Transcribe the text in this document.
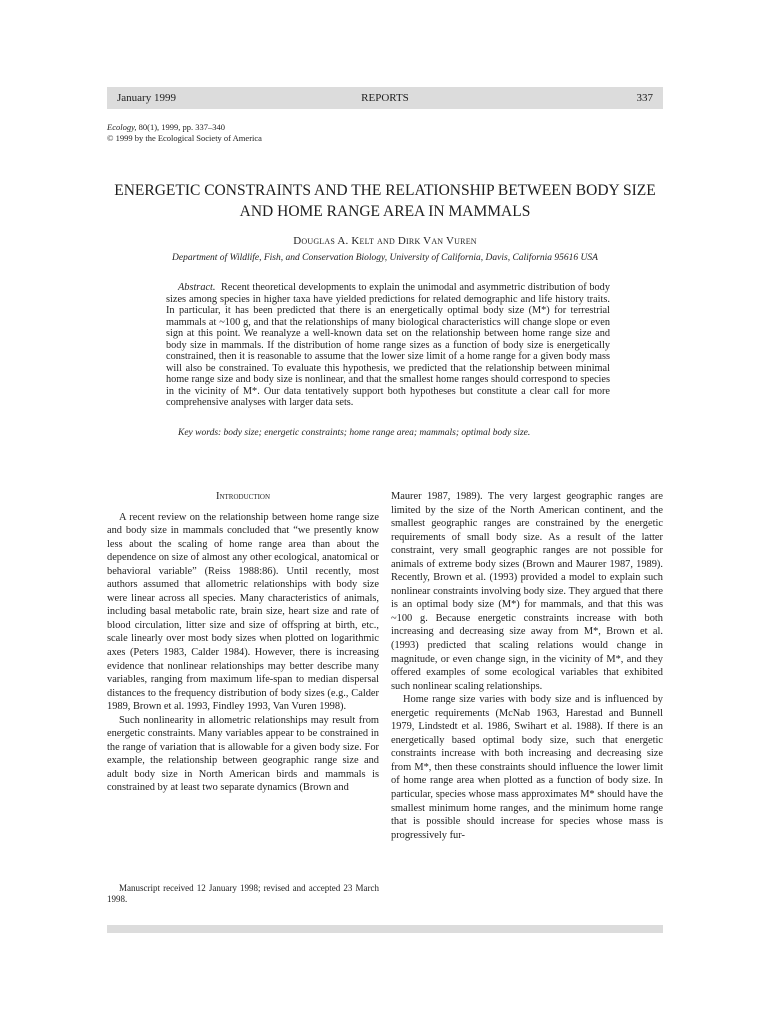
January 1999	REPORTS	337
Ecology, 80(1), 1999, pp. 337–340
© 1999 by the Ecological Society of America
ENERGETIC CONSTRAINTS AND THE RELATIONSHIP BETWEEN BODY SIZE AND HOME RANGE AREA IN MAMMALS
Douglas A. Kelt and Dirk Van Vuren
Department of Wildlife, Fish, and Conservation Biology, University of California, Davis, California 95616 USA

Abstract. Recent theoretical developments to explain the unimodal and asymmetric distribution of body sizes among species in higher taxa have yielded predictions for related demographic and life history traits. In particular, it has been predicted that there is an energetically optimal body size (M*) for terrestrial mammals at ~100 g, and that the relationships of many biological characteristics will change slope or even sign at this point. We reanalyze a well-known data set on the relationship between home range size and body size in mammals. If the distribution of home range sizes as a function of body size is energetically constrained, then it is reasonable to assume that the lower size limit of a home range for a given body mass will also be constrained. To evaluate this hypothesis, we predicted that the relationship between minimal home range size and body size is nonlinear, and that the smallest home ranges should correspond to species in the vicinity of M*. Our data tentatively support both hypotheses but constitute a clear call for more comprehensive analyses with larger data sets.

Key words: body size; energetic constraints; home range area; mammals; optimal body size.
Introduction

A recent review on the relationship between home range size and body size in mammals concluded that “we presently know less about the scaling of home range area than about the dependence on size of almost any other ecological, anatomical or behavioral variable” (Reiss 1988:86). Until recently, most authors assumed that allometric relationships with body size were linear across all species. Many characteristics of animals, including basal metabolic rate, brain size, heart size and rate of blood circulation, litter size and size of offspring at birth, etc., scale linearly over most body sizes when plotted on logarithmic axes (Peters 1983, Calder 1984). However, there is increasing evidence that nonlinear relationships may better describe many variables, ranging from maximum life-span to median dispersal distances to the frequency distribution of body sizes (e.g., Calder 1989, Brown et al. 1993, Findley 1993, Van Vuren 1998).

Such nonlinearity in allometric relationships may result from energetic constraints. Many variables appear to be constrained in the range of variation that is allowable for a given body size. For example, the relationship between geographic range size and adult body size in North American birds and mammals is constrained by at least two separate dynamics (Brown and

Maurer 1987, 1989). The very largest geographic ranges are limited by the size of the North American continent, and the smallest geographic ranges are constrained by the energetic requirements of small body size. As a result of the latter constraint, very small geographic ranges are not possible for animals of extreme body sizes (Brown and Maurer 1987, 1989). Recently, Brown et al. (1993) provided a model to explain such nonlinear constraints involving body size. They argued that there is an optimal body size (M*) for mammals, and that this was ~100 g. Because energetic constraints increase with both increasing and decreasing size away from M*, Brown et al. (1993) predicted that scaling relations would change in magnitude, or even change sign, in the vicinity of M*, and they offered examples of some ecological variables that exhibited such nonlinear scaling relationships.

Home range size varies with body size and is influenced by energetic requirements (McNab 1963, Harestad and Bunnell 1979, Lindstedt et al. 1986, Swihart et al. 1988). If there is an energetically based optimal body size, such that energetic constraints increase with both increasing and decreasing size from M*, then these constraints should influence the lower limit of home range area when plotted as a function of body size. In particular, species whose mass approximates M* should have the smallest minimum home ranges, and the minimum home range that is possible should increase for species whose mass is progressively fur-

Manuscript received 12 January 1998; revised and accepted 23 March 1998.
